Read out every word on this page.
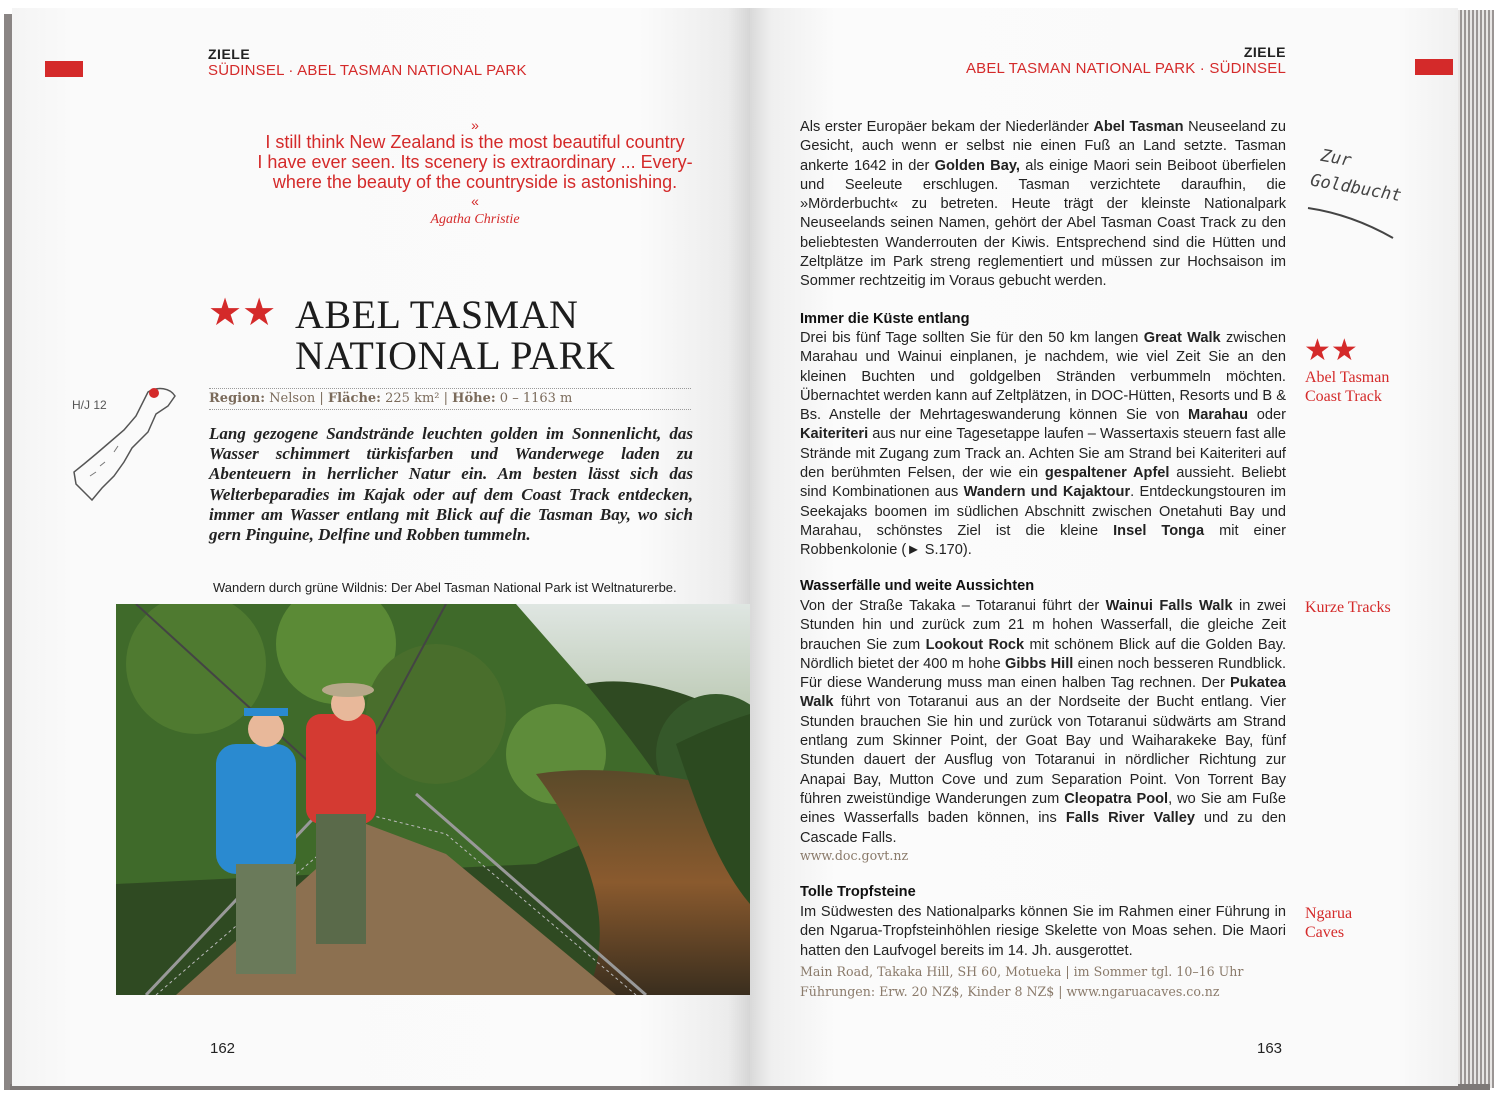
ZIELE
SÜDINSEL · ABEL TASMAN NATIONAL PARK
»
I still think New Zealand is the most beautiful country
I have ever seen. Its scenery is extraordinary ... Every-
where the beauty of the countryside is astonishing.
«
Agatha Christie
★★ ABEL TASMAN
NATIONAL PARK
H/J 12	Region: Nelson | Fläche: 225 km² | Höhe: 0 – 1163 m
Lang gezogene Sandstrände leuchten golden im Sonnenlicht, das Wasser schimmert türkisfarben und Wanderwege laden zu Abenteuern in herrlicher Natur ein. Am besten lässt sich das Welterbeparadies im Kajak oder auf dem Coast Track entdecken, immer am Wasser entlang mit Blick auf die Tasman Bay, wo sich gern Pinguine, Delfine und Robben tummeln.
Wandern durch grüne Wildnis: Der Abel Tasman National Park ist Weltnaturerbe.
162
ZIELE
ABEL TASMAN NATIONAL PARK · SÜDINSEL
Zur
Goldbucht
Als erster Europäer bekam der Niederländer Abel Tasman Neuseeland zu Gesicht, auch wenn er selbst nie einen Fuß an Land setzte. Tasman ankerte 1642 in der Golden Bay, als einige Maori sein Beiboot überfielen und Seeleute erschlugen. Tasman verzichtete daraufhin, die »Mörderbucht« zu betreten. Heute trägt der kleinste Nationalpark Neuseelands seinen Namen, gehört der Abel Tasman Coast Track zu den beliebtesten Wanderrouten der Kiwis. Entsprechend sind die Hütten und Zeltplätze im Park streng reglementiert und müssen zur Hochsaison im Sommer rechtzeitig im Voraus gebucht werden.
Immer die Küste entlang
Drei bis fünf Tage sollten Sie für den 50 km langen Great Walk zwischen Marahau und Wainui einplanen, je nachdem, wie viel Zeit Sie an den kleinen Buchten und goldgelben Stränden verbummeln möchten. Übernachtet werden kann auf Zeltplätzen, in DOC-Hütten, Resorts und B & Bs. Anstelle der Mehrtageswanderung können Sie von Marahau oder Kaiteriteri aus nur eine Tagesetappe laufen – Wassertaxis steuern fast alle Strände mit Zugang zum Track an. Achten Sie am Strand bei Kaiteriteri auf den berühmten Felsen, der wie ein gespaltener Apfel aussieht. Beliebt sind Kombinationen aus Wandern und Kajaktour. Entdeckungstouren im Seekajaks boomen im südlichen Abschnitt zwischen Onetahuti Bay und Marahau, schönstes Ziel ist die kleine Insel Tonga mit einer Robbenkolonie (► S.170).
Wasserfälle und weite Aussichten
Von der Straße Takaka – Totaranui führt der Wainui Falls Walk in zwei Stunden hin und zurück zum 21 m hohen Wasserfall, die gleiche Zeit brauchen Sie zum Lookout Rock mit schönem Blick auf die Golden Bay. Nördlich bietet der 400 m hohe Gibbs Hill einen noch besseren Rundblick. Für diese Wanderung muss man einen halben Tag rechnen. Der Pukatea Walk führt von Totaranui aus an der Nordseite der Bucht entlang. Vier Stunden brauchen Sie hin und zurück von Totaranui südwärts am Strand entlang zum Skinner Point, der Goat Bay und Waiharakeke Bay, fünf Stunden dauert der Ausflug von Totaranui in nördlicher Richtung zur Anapai Bay, Mutton Cove und zum Separation Point. Von Torrent Bay führen zweistündige Wanderungen zum Cleopatra Pool, wo Sie am Fuße eines Wasserfalls baden können, ins Falls River Valley und zu den Cascade Falls.
www.doc.govt.nz
Tolle Tropfsteine
Im Südwesten des Nationalparks können Sie im Rahmen einer Führung in den Ngarua-Tropfsteinhöhlen riesige Skelette von Moas sehen. Die Maori hatten den Laufvogel bereits im 14. Jh. ausgerottet.
Main Road, Takaka Hill, SH 60, Motueka | im Sommer tgl. 10–16 Uhr
Führungen: Erw. 20 NZ$, Kinder 8 NZ$ | www.ngaruacaves.co.nz
★★
Abel Tasman
Coast Track
Kurze Tracks
Ngarua
Caves
163
